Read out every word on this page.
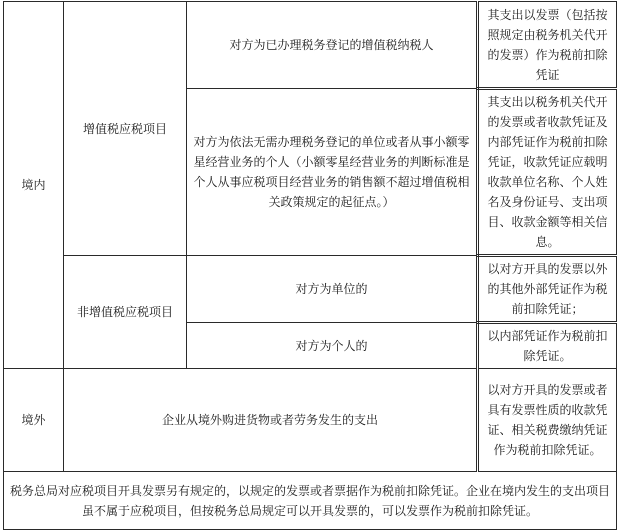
境内	增值税应税项目	对方为已办理税务登记的增值税纳税人	其支出以发票（包括按照规定由税务机关代开的发票）作为税前扣除凭证
		对方为依法无需办理税务登记的单位或者从事小额零星经营业务的个人（小额零星经营业务的判断标准是个人从事应税项目经营业务的销售额不超过增值税相关政策规定的起征点。）	其支出以税务机关代开的发票或者收款凭证及内部凭证作为税前扣除凭证，收款凭证应载明收款单位名称、个人姓名及身份证号、支出项目、收款金额等相关信息。
	非增值税应税项目	对方为单位的	以对方开具的发票以外的其他外部凭证作为税前扣除凭证；
		对方为个人的	以内部凭证作为税前扣除凭证。
境外	企业从境外购进货物或者劳务发生的支出		以对方开具的发票或者具有发票性质的收款凭证、相关税费缴纳凭证作为税前扣除凭证。
税务总局对应税项目开具发票另有规定的，以规定的发票或者票据作为税前扣除凭证。企业在境内发生的支出项目虽不属于应税项目，但按税务总局规定可以开具发票的，可以发票作为税前扣除凭证。			
